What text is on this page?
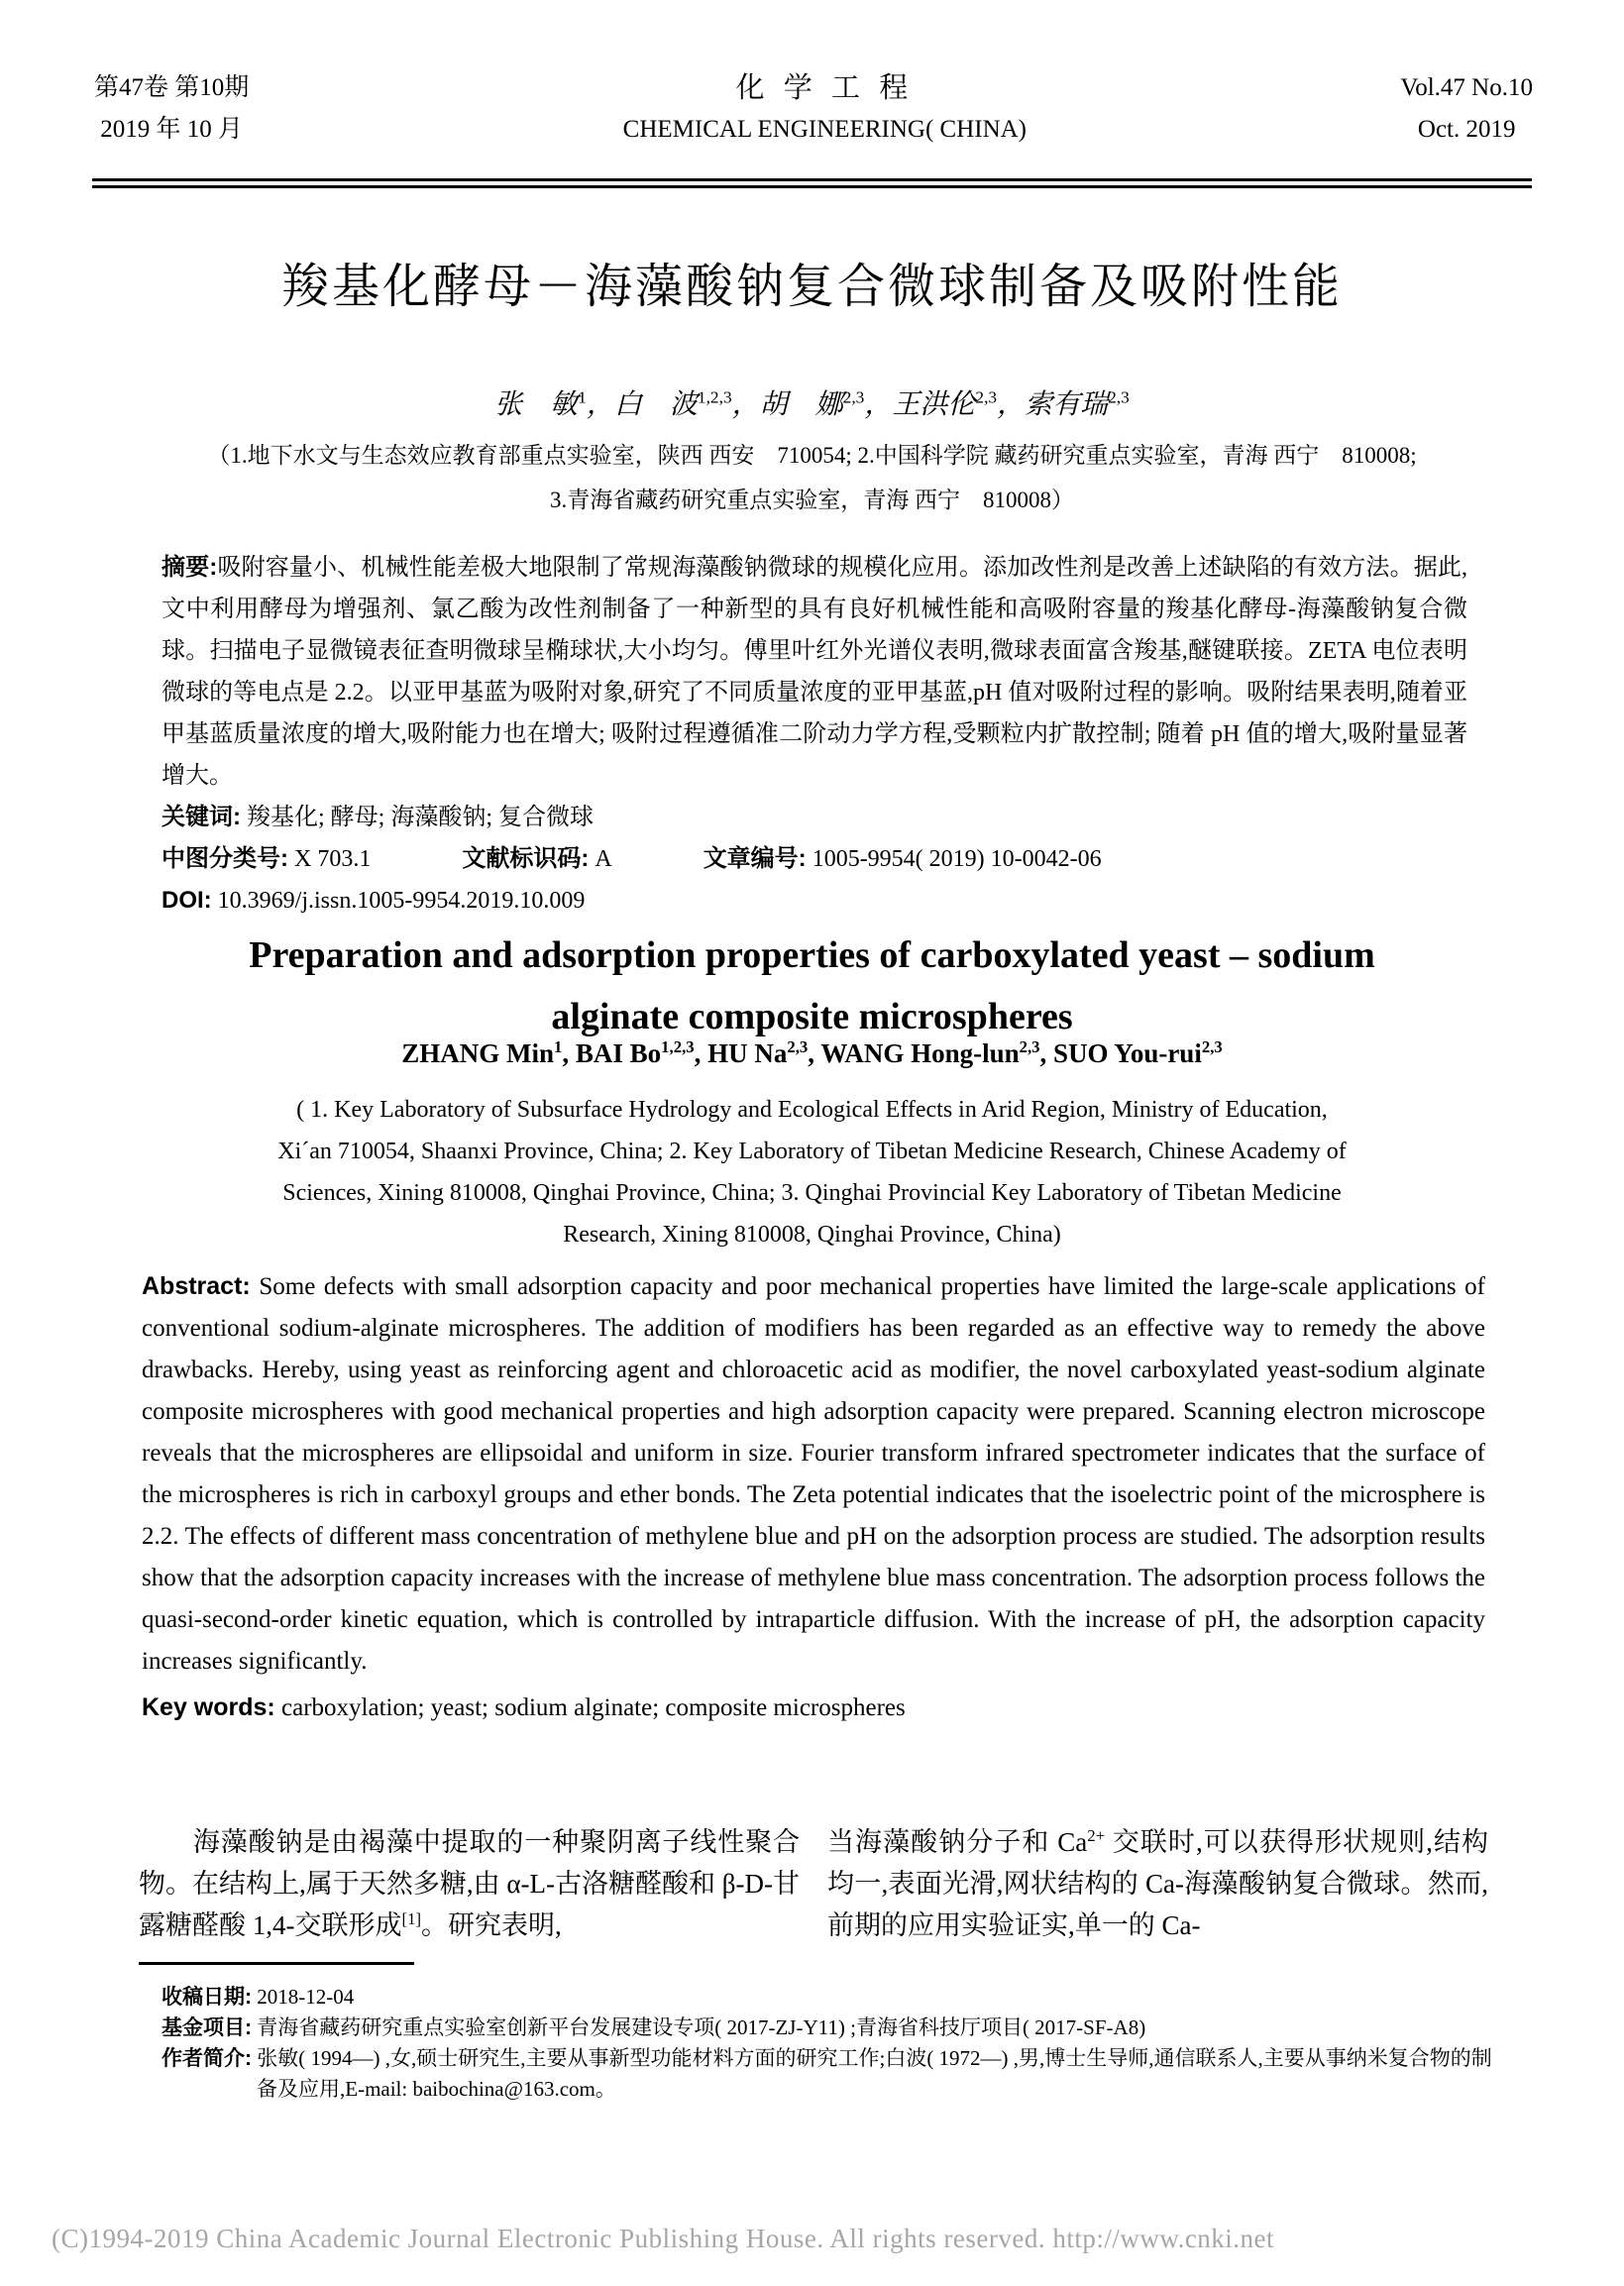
第47卷 第10期
2019 年 10 月
化 学 工 程
CHEMICAL ENGINEERING( CHINA)
Vol.47 No.10
Oct. 2019
羧基化酵母－海藻酸钠复合微球制备及吸附性能
张　敏$^1$，白　波$^{1,2,3}$，胡　娜$^{2,3}$，王洪伦$^{2,3}$，索有瑞$^{2,3}$
（1.地下水文与生态效应教育部重点实验室，陕西 西安　710054; 2.中国科学院 藏药研究重点实验室，青海 西宁　810008;
3.青海省藏药研究重点实验室，青海 西宁　810008）

摘要:吸附容量小、机械性能差极大地限制了常规海藻酸钠微球的规模化应用。添加改性剂是改善上述缺陷的有效方法。据此,文中利用酵母为增强剂、氯乙酸为改性剂制备了一种新型的具有良好机械性能和高吸附容量的羧基化酵母-海藻酸钠复合微球。扫描电子显微镜表征查明微球呈椭球状,大小均匀。傅里叶红外光谱仪表明,微球表面富含羧基,醚键联接。ZETA 电位表明微球的等电点是 2.2。以亚甲基蓝为吸附对象,研究了不同质量浓度的亚甲基蓝,pH 值对吸附过程的影响。吸附结果表明,随着亚甲基蓝质量浓度的增大,吸附能力也在增大; 吸附过程遵循准二阶动力学方程,受颗粒内扩散控制; 随着 pH 值的增大,吸附量显著增大。

关键词: 羧基化; 酵母; 海藻酸钠; 复合微球

中图分类号: X 703.1	文献标识码: A	文章编号: 1005-9954( 2019) 10-0042-06

DOI: 10.3969/j.issn.1005-9954.2019.10.009

Preparation and adsorption properties of carboxylated yeast – sodium
alginate composite microspheres
ZHANG Min$^1$, BAI Bo$^{1,2,3}$, HU Na$^{2,3}$, WANG Hong-lun$^{2,3}$, SUO You-rui$^{2,3}$
( 1. Key Laboratory of Subsurface Hydrology and Ecological Effects in Arid Region, Ministry of Education,
Xi´an 710054, Shaanxi Province, China; 2. Key Laboratory of Tibetan Medicine Research, Chinese Academy of
Sciences, Xining 810008, Qinghai Province, China; 3. Qinghai Provincial Key Laboratory of Tibetan Medicine
Research, Xining 810008, Qinghai Province, China)

Abstract: Some defects with small adsorption capacity and poor mechanical properties have limited the large-scale applications of conventional sodium-alginate microspheres. The addition of modifiers has been regarded as an effective way to remedy the above drawbacks. Hereby, using yeast as reinforcing agent and chloroacetic acid as modifier, the novel carboxylated yeast-sodium alginate composite microspheres with good mechanical properties and high adsorption capacity were prepared. Scanning electron microscope reveals that the microspheres are ellipsoidal and uniform in size. Fourier transform infrared spectrometer indicates that the surface of the microspheres is rich in carboxyl groups and ether bonds. The Zeta potential indicates that the isoelectric point of the microsphere is 2.2. The effects of different mass concentration of methylene blue and pH on the adsorption process are studied. The adsorption results show that the adsorption capacity increases with the increase of methylene blue mass concentration. The adsorption process follows the quasi-second-order kinetic equation, which is controlled by intraparticle diffusion. With the increase of pH, the adsorption capacity increases significantly.

Key words: carboxylation; yeast; sodium alginate; composite microspheres

海藻酸钠是由褐藻中提取的一种聚阴离子线性聚合物。在结构上,属于天然多糖,由 α-L-古洛糖醛酸和 β-D-甘露糖醛酸 1,4-交联形成[1]。研究表明,
当海藻酸钠分子和 $Ca^{2+}$ 交联时,可以获得形状规则,结构均一,表面光滑,网状结构的 Ca-海藻酸钠复合微球。然而,前期的应用实验证实,单一的 Ca-

收稿日期: 2018-12-04

基金项目: 青海省藏药研究重点实验室创新平台发展建设专项( 2017-ZJ-Y11) ;青海省科技厅项目( 2017-SF-A8)

作者简介: 张敏( 1994—) ,女,硕士研究生,主要从事新型功能材料方面的研究工作;白波( 1972—) ,男,博士生导师,通信联系人,主要从事纳米复合物的制备及应用,E-mail: baibochina@163.com。

(C)1994-2019 China Academic Journal Electronic Publishing House. All rights reserved. http://www.cnki.net
